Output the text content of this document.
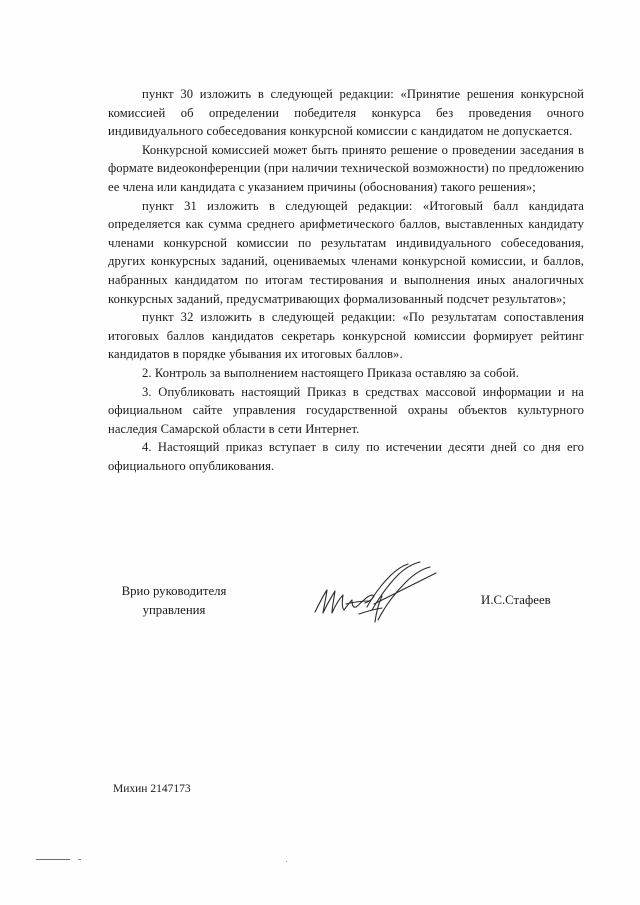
пункт 30 изложить в следующей редакции: «Принятие решения конкурсной комиссией об определении победителя конкурса без проведения очного индивидуального собеседования конкурсной комиссии с кандидатом не допускается.

Конкурсной комиссией может быть принято решение о проведении заседания в формате видеоконференции (при наличии технической возможности) по предложению ее члена или кандидата с указанием причины (обоснования) такого решения»;

пункт 31 изложить в следующей редакции: «Итоговый балл кандидата определяется как сумма среднего арифметического баллов, выставленных кандидату членами конкурсной комиссии по результатам индивидуального собеседования, других конкурсных заданий, оцениваемых членами конкурсной комиссии, и баллов, набранных кандидатом по итогам тестирования и выполнения иных аналогичных конкурсных заданий, предусматривающих формализованный подсчет результатов»;

пункт 32 изложить в следующей редакции: «По результатам сопоставления итоговых баллов кандидатов секретарь конкурсной комиссии формирует рейтинг кандидатов в порядке убывания их итоговых баллов».

2. Контроль за выполнением настоящего Приказа оставляю за собой.

3. Опубликовать настоящий Приказ в средствах массовой информации и на официальном сайте управления государственной охраны объектов культурного наследия Самарской области в сети Интернет.

4. Настоящий приказ вступает в силу по истечении десяти дней со дня его официального опубликования.

Врио руководителя
управления
И.С.Стафеев
Михин 2147173
